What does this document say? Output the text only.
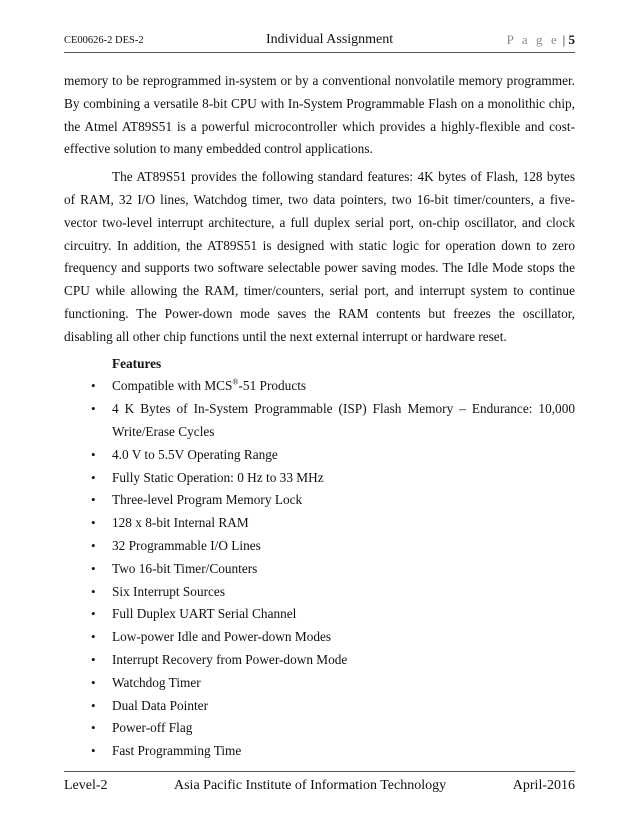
CE00626-2 DES-2	Individual Assignment	P a g e | 5

memory to be reprogrammed in-system or by a conventional nonvolatile memory programmer. By combining a versatile 8-bit CPU with In-System Programmable Flash on a monolithic chip, the Atmel AT89S51 is a powerful microcontroller which provides a highly-flexible and cost-effective solution to many embedded control applications.

The AT89S51 provides the following standard features: 4K bytes of Flash, 128 bytes of RAM, 32 I/O lines, Watchdog timer, two data pointers, two 16-bit timer/counters, a five-vector two-level interrupt architecture, a full duplex serial port, on-chip oscillator, and clock circuitry. In addition, the AT89S51 is designed with static logic for operation down to zero frequency and supports two software selectable power saving modes. The Idle Mode stops the CPU while allowing the RAM, timer/counters, serial port, and interrupt system to continue functioning. The Power-down mode saves the RAM contents but freezes the oscillator, disabling all other chip functions until the next external interrupt or hardware reset.

Features
• Compatible with MCS®-51 Products
• 4 K Bytes of In-System Programmable (ISP) Flash Memory – Endurance: 10,000 Write/Erase Cycles
• 4.0 V to 5.5V Operating Range
• Fully Static Operation: 0 Hz to 33 MHz
• Three-level Program Memory Lock
• 128 x 8-bit Internal RAM
• 32 Programmable I/O Lines
• Two 16-bit Timer/Counters
• Six Interrupt Sources
• Full Duplex UART Serial Channel
• Low-power Idle and Power-down Modes
• Interrupt Recovery from Power-down Mode
• Watchdog Timer
• Dual Data Pointer
• Power-off Flag
• Fast Programming Time
Level-2	Asia Pacific Institute of Information Technology	April-2016
